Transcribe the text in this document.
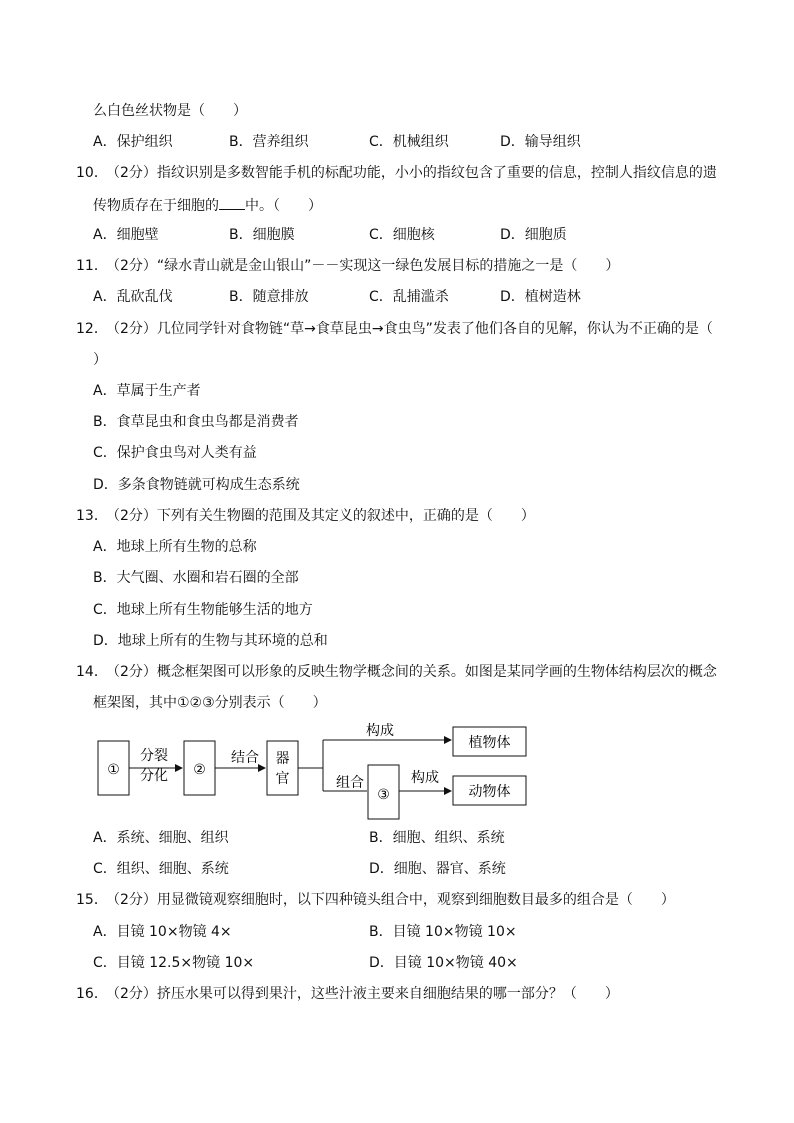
么白色丝状物是（　　）
A．保护组织	B．营养组织	C．机械组织	D．输导组织
10．
（2分）指纹识别是多数智能手机的标配功能，小小的指纹包含了重要的信息，控制人指纹信息的遗
传物质存在于细胞的 中。（　　）
A．细胞壁	B．细胞膜	C．细胞核	D．细胞质
11．
（2分）“绿水青山就是金山银山”－－实现这一绿色发展目标的措施之一是（　　）
A．乱砍乱伐	B．随意排放	C．乱捕滥杀	D．植树造林
12．
（2分）几位同学针对食物链“草→食草昆虫→食虫鸟”发表了他们各自的见解，你认为不正确的是（
）
A．草属于生产者
B．食草昆虫和食虫鸟都是消费者
C．保护食虫鸟对人类有益
D．多条食物链就可构成生态系统
13．
（2分）下列有关生物圈的范围及其定义的叙述中，正确的是（　　）
A．地球上所有生物的总称
B．大气圈、水圈和岩石圈的全部
C．地球上所有生物能够生活的地方
D．地球上所有的生物与其环境的总和
14．
（2分）概念框架图可以形象的反映生物学概念间的关系。如图是某同学画的生物体结构层次的概念
框架图，其中①②③分别表示（　　）
①
分裂
分化 ②
结合 器
官
构成
植物体
组合
③
构成
动物体
A．系统、细胞、组织	B．细胞、组织、系统
C．组织、细胞、系统	D．细胞、器官、系统
15．
（2分）用显微镜观察细胞时，以下四种镜头组合中，观察到细胞数目最多的组合是（　　）
A．目镜 10×物镜 4×	B．目镜 10×物镜 10×
C．目镜 12.5×物镜 10×	D．目镜 10×物镜 40×
16．
（2分）挤压水果可以得到果汁，这些汁液主要来自细胞结果的哪一部分？（　　）
